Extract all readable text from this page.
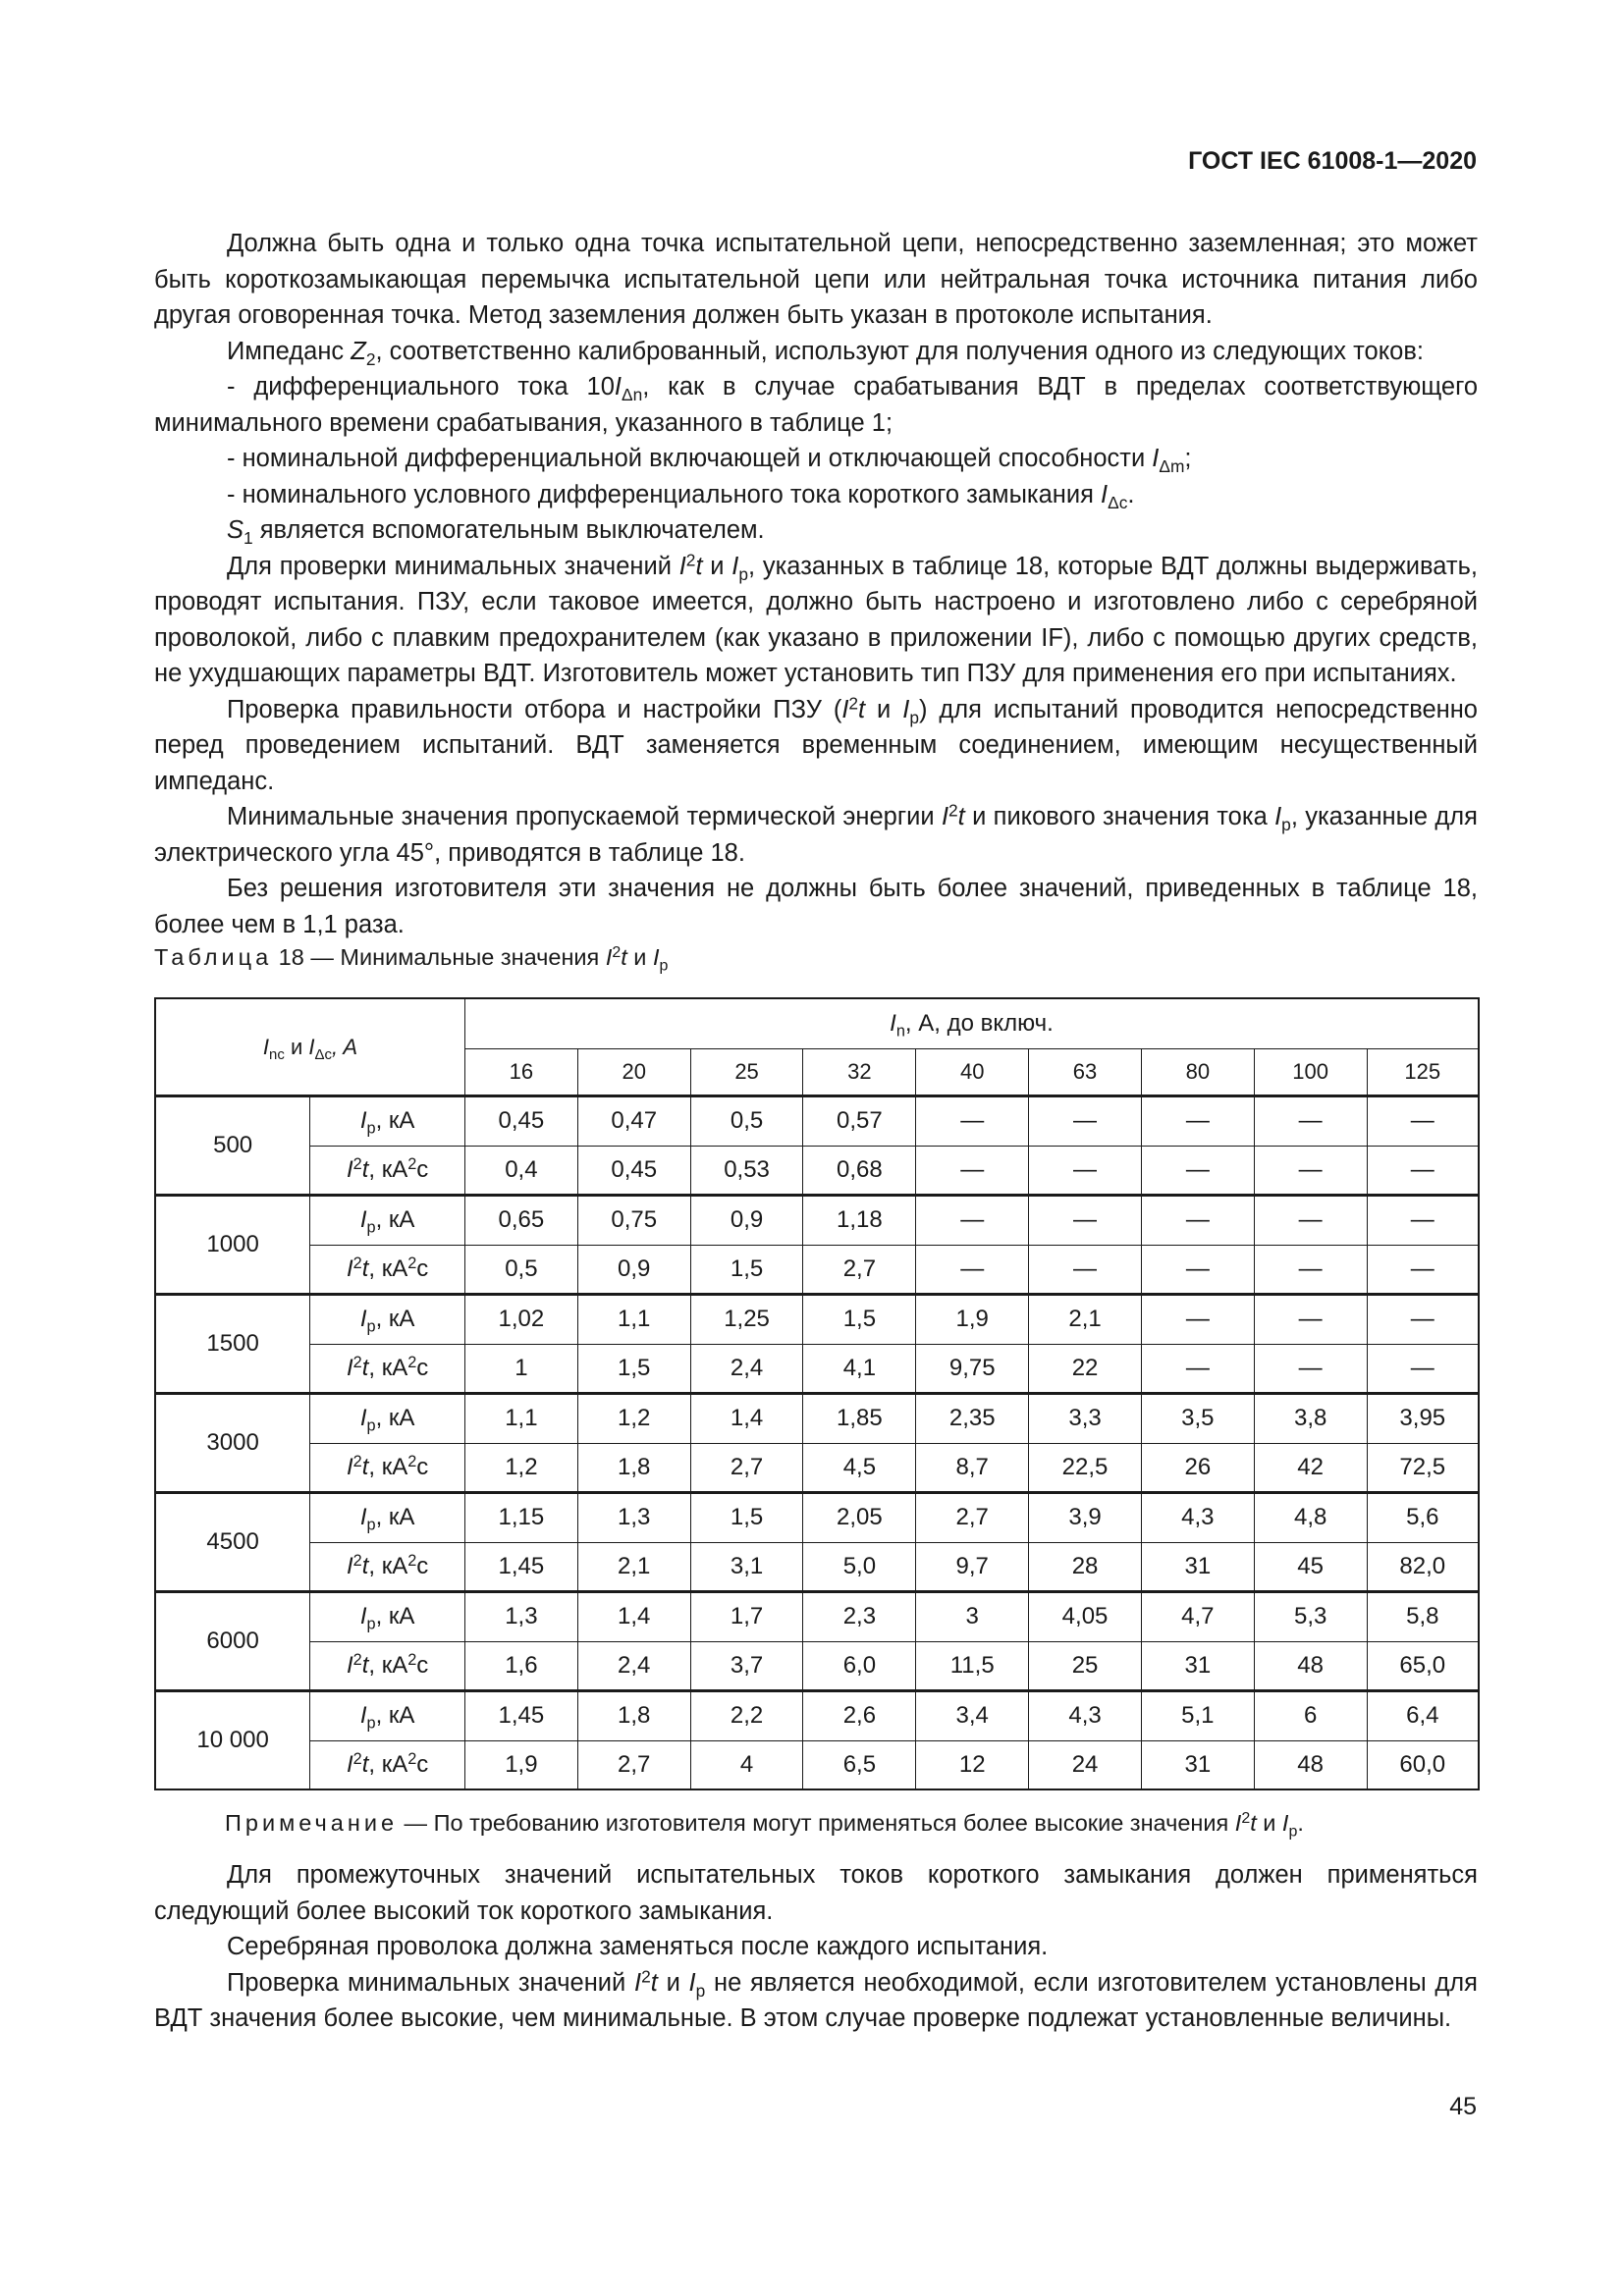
ГОСТ IEC 61008-1—2020

Должна быть одна и только одна точка испытательной цепи, непосредственно заземленная; это может быть короткозамыкающая перемычка испытательной цепи или нейтральная точка источника питания либо другая оговоренная точка. Метод заземления должен быть указан в протоколе испытания.

Импеданс $Z_2$, соответственно калиброванный, используют для получения одного из следующих токов:

- дифференциального тока $10I_{\Delta n}$, как в случае срабатывания ВДТ в пределах соответствующего минимального времени срабатывания, указанного в таблице 1;

- номинальной дифференциальной включающей и отключающей способности $I_{\Delta m}$;

- номинального условного дифференциального тока короткого замыкания $I_{\Delta c}$.

$S_1$ является вспомогательным выключателем.

Для проверки минимальных значений $I^2t$ и $I_p$, указанных в таблице 18, которые ВДТ должны выдерживать, проводят испытания. ПЗУ, если таковое имеется, должно быть настроено и изготовлено либо с серебряной проволокой, либо с плавким предохранителем (как указано в приложении IF), либо с помощью других средств, не ухудшающих параметры ВДТ. Изготовитель может установить тип ПЗУ для применения его при испытаниях.

Проверка правильности отбора и настройки ПЗУ ($I^2t$ и $I_p$) для испытаний проводится непосредственно перед проведением испытаний. ВДТ заменяется временным соединением, имеющим несущественный импеданс.

Минимальные значения пропускаемой термической энергии $I^2t$ и пикового значения тока $I_p$, указанные для электрического угла 45°, приводятся в таблице 18.

Без решения изготовителя эти значения не должны быть более значений, приведенных в таблице 18, более чем в 1,1 раза.

Таблица 18 — Минимальные значения $I^2t$ и $I_p$
$I_{nc}$ и $I_{\Delta c}$, A		$I_n$, А, до включ.								
		16	20	25	32	40	63	80	100	125
500	$I_p$, кА	0,45	0,47	0,5	0,57	—	—	—	—	—
	$I^2t$, $кА^2с$	0,4	0,45	0,53	0,68	—	—	—	—	—
1000	$I_p$, кА	0,65	0,75	0,9	1,18	—	—	—	—	—
	$I^2t$, $кА^2с$	0,5	0,9	1,5	2,7	—	—	—	—	—
1500	$I_p$, кА	1,02	1,1	1,25	1,5	1,9	2,1	—	—	—
	$I^2t$, $кА^2с$	1	1,5	2,4	4,1	9,75	22	—	—	—
3000	$I_p$, кА	1,1	1,2	1,4	1,85	2,35	3,3	3,5	3,8	3,95
	$I^2t$, $кА^2с$	1,2	1,8	2,7	4,5	8,7	22,5	26	42	72,5
4500	$I_p$, кА	1,15	1,3	1,5	2,05	2,7	3,9	4,3	4,8	5,6
	$I^2t$, $кА^2с$	1,45	2,1	3,1	5,0	9,7	28	31	45	82,0
6000	$I_p$, кА	1,3	1,4	1,7	2,3	3	4,05	4,7	5,3	5,8
	$I^2t$, $кА^2с$	1,6	2,4	3,7	6,0	11,5	25	31	48	65,0
10 000	$I_p$, кА	1,45	1,8	2,2	2,6	3,4	4,3	5,1	6	6,4
	$I^2t$, $кА^2с$	1,9	2,7	4	6,5	12	24	31	48	60,0
Примечание — По требованию изготовителя могут применяться более высокие значения $I^2t$ и $I_p$.

Для промежуточных значений испытательных токов короткого замыкания должен применяться следующий более высокий ток короткого замыкания.

Серебряная проволока должна заменяться после каждого испытания.

Проверка минимальных значений $I^2t$ и $I_p$ не является необходимой, если изготовителем установлены для ВДТ значения более высокие, чем минимальные. В этом случае проверке подлежат установленные величины.

45
